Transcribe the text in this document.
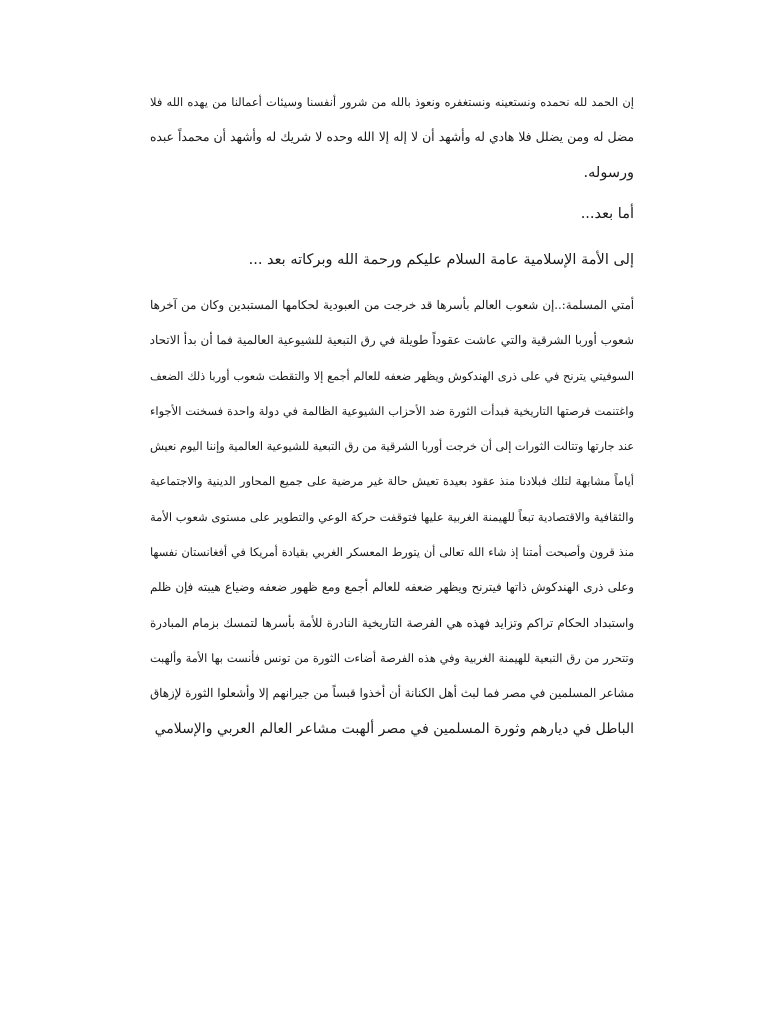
إن الحمد لله نحمده ونستعينه ونستغفره ونعوذ بالله من شرور أنفسنا وسيئات أعمالنا من يهده الله فلا
مضل له ومن يضلل فلا هادي له وأشهد أن لا إله إلا الله وحده لا شريك له وأشهد أن محمداً عبده
ورسوله.
أما بعد...
إلى الأمة الإسلامية عامة السلام عليكم ورحمة الله وبركاته بعد ...
أمتي المسلمة:..إن شعوب العالم بأسرها قد خرجت من العبودية لحكامها المستبدين وكان من آخرها
شعوب أوربا الشرقية والتي عاشت عقوداً طويلة في رق التبعية للشيوعية العالمية فما أن بدأ الاتحاد
السوفيتي يترنح في على ذرى الهندكوش ويظهر ضعفه للعالم أجمع إلا والتقطت شعوب أوربا ذلك الضعف
واغتنمت فرصتها التاريخية فبدأت الثورة ضد الأحزاب الشيوعية الظالمة في دولة واحدة فسخنت الأجواء
عند جارتها وتتالت الثورات إلى أن خرجت أوربا الشرقية من رق التبعية للشيوعية العالمية وإننا اليوم نعيش
أياماً مشابهة لتلك فبلادنا منذ عقود بعيدة تعيش حالة غير مرضية على جميع المحاور الدينية والاجتماعية
والثقافية والاقتصادية تبعاً للهيمنة الغربية عليها فتوقفت حركة الوعي والتطوير على مستوى شعوب الأمة
منذ قرون وأصبحت أمتنا إذ شاء الله تعالى أن يتورط المعسكر الغربي بقيادة أمريكا في أفغانستان نفسها
وعلى ذرى الهندكوش ذاتها فيترنح ويظهر ضعفه للعالم أجمع ومع ظهور ضعفه وضياع هيبته فإن ظلم
واستبداد الحكام تراكم وتزايد فهذه هي الفرصة التاريخية النادرة للأمة بأسرها لتمسك بزمام المبادرة
وتتحرر من رق التبعية للهيمنة الغربية وفي هذه الفرصة أضاءت الثورة من تونس فأنست بها الأمة وألهبت
مشاعر المسلمين في مصر فما لبث أهل الكنانة أن أخذوا قبساً من جيرانهم إلا وأشعلوا الثورة لإزهاق
الباطل في ديارهم وثورة المسلمين في مصر ألهبت مشاعر العالم العربي والإسلامي
